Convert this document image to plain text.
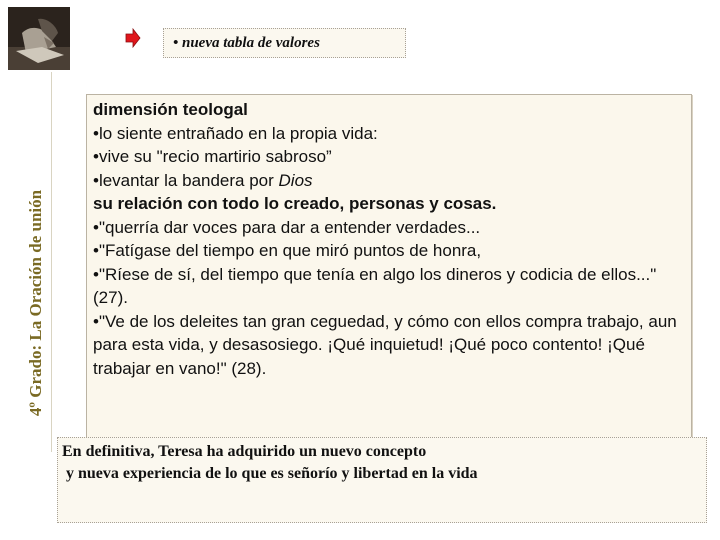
4º Grado: La Oración de unión
• nueva tabla de valores

dimensión teologal

•lo siente entrañado en la propia vida:

•vive su "recio martirio sabroso”

•levantar la bandera por Dios

su relación con todo lo creado, personas y cosas.

•"querría dar voces para dar a entender verdades...

•"Fatígase del tiempo en que miró puntos de honra,

•"Ríese de sí, del tiempo que tenía en algo los dineros y codicia de ellos..." (27).

•"Ve de los deleites tan gran ceguedad, y cómo con ellos compra trabajo, aun para esta vida, y desasosiego. ¡Qué inquietud! ¡Qué poco contento! ¡Qué trabajar en vano!" (28).

En definitiva, Teresa ha adquirido un nuevo concepto

y nueva experiencia de lo que es señorío y libertad en la vida
